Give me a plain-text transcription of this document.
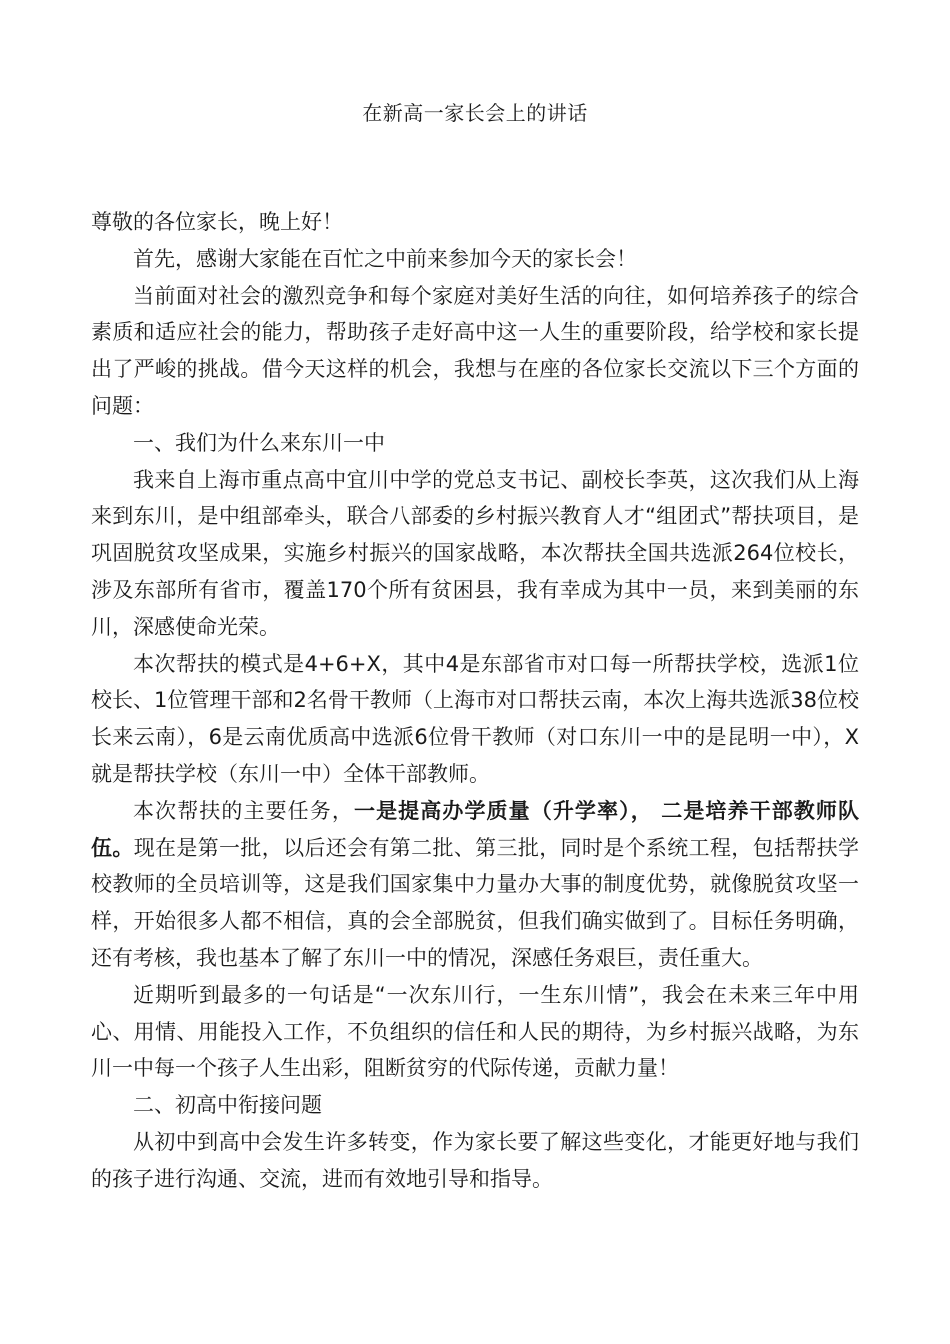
在新高一家长会上的讲话

尊敬的各位家长，晚上好！

首先，感谢大家能在百忙之中前来参加今天的家长会！

当前面对社会的激烈竞争和每个家庭对美好生活的向往，如何培养孩子的综合素质和适应社会的能力，帮助孩子走好高中这一人生的重要阶段，给学校和家长提出了严峻的挑战。借今天这样的机会，我想与在座的各位家长交流以下三个方面的问题：

一、我们为什么来东川一中

我来自上海市重点高中宜川中学的党总支书记、副校长李英，这次我们从上海来到东川，是中组部牵头，联合八部委的乡村振兴教育人才“组团式”帮扶项目，是巩固脱贫攻坚成果，实施乡村振兴的国家战略，本次帮扶全国共选派264位校长，涉及东部所有省市，覆盖170个所有贫困县，我有幸成为其中一员，来到美丽的东川，深感使命光荣。

本次帮扶的模式是4+6+X，其中4是东部省市对口每一所帮扶学校，选派1位校长、1位管理干部和2名骨干教师（上海市对口帮扶云南，本次上海共选派38位校长来云南），6是云南优质高中选派6位骨干教师（对口东川一中的是昆明一中），X就是帮扶学校（东川一中）全体干部教师。

本次帮扶的主要任务，一是提高办学质量（升学率）， 二是培养干部教师队伍。现在是第一批，以后还会有第二批、第三批，同时是个系统工程，包括帮扶学校教师的全员培训等，这是我们国家集中力量办大事的制度优势，就像脱贫攻坚一样，开始很多人都不相信，真的会全部脱贫，但我们确实做到了。目标任务明确，还有考核，我也基本了解了东川一中的情况，深感任务艰巨，责任重大。

近期听到最多的一句话是“一次东川行，一生东川情”，我会在未来三年中用心、用情、用能投入工作，不负组织的信任和人民的期待，为乡村振兴战略，为东川一中每一个孩子人生出彩，阻断贫穷的代际传递，贡献力量！

二、初高中衔接问题

从初中到高中会发生许多转变，作为家长要了解这些变化，才能更好地与我们的孩子进行沟通、交流，进而有效地引导和指导。
